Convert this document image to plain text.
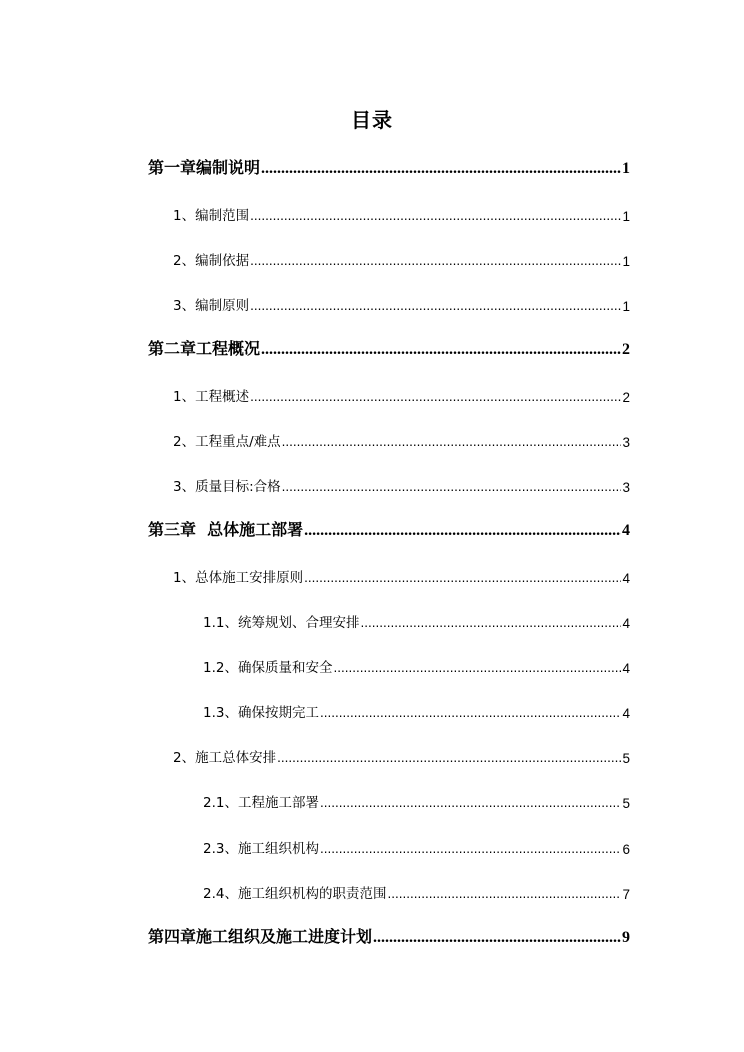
目录
第一章编制说明 .....	1
1、编制范围 .....	1
2、编制依据 .....	1
3、编制原则 .....	1
第二章工程概况 .....	2
1、工程概述 .....	2
2、工程重点/难点 .....	3
3、质量目标:合格 .....	3
第三章  总体施工部署 .....	4
1、总体施工安排原则 .....	4
1.1、统筹规划、合理安排 .....	4
1.2、确保质量和安全 .....	4
1.3、确保按期完工 .....	4
2、施工总体安排 .....	5
2.1、工程施工部署 .....	5
2.3、施工组织机构 .....	6
2.4、施工组织机构的职责范围 .....	7
第四章施工组织及施工进度计划 .....	9
